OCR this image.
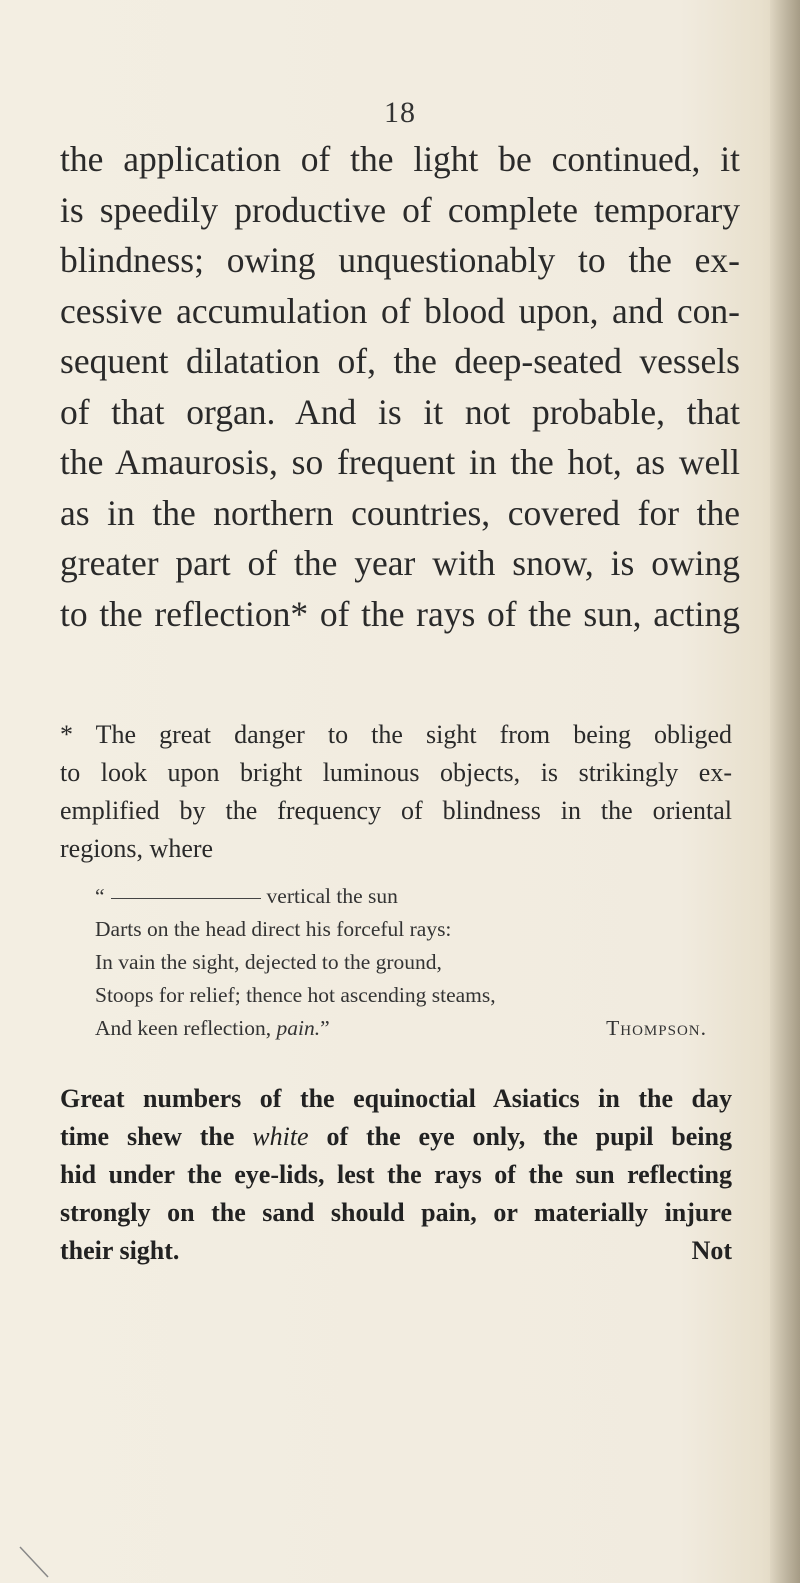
18
the application of the light be continued, it
is speedily productive of complete temporary
blindness; owing unquestionably to the ex-
cessive accumulation of blood upon, and con-
sequent dilatation of, the deep-seated vessels
of that organ. And is it not probable, that
the Amaurosis, so frequent in the hot, as well
as in the northern countries, covered for the
greater part of the year with snow, is owing
to the reflection* of the rays of the sun, acting
* The great danger to the sight from being obliged
to look upon bright luminous objects, is strikingly ex-
emplified by the frequency of blindness in the oriental
regions, where
“	vertical the sun
Darts on the head direct his forceful rays:
In vain the sight, dejected to the ground,
Stoops for relief; thence hot ascending steams,
And keen reflection, pain.”	Thompson.
Great numbers of the equinoctial Asiatics in the day
time shew the white of the eye only, the pupil being
hid under the eye-lids, lest the rays of the sun reflecting
strongly on the sand should pain, or materially injure
their sight.	Not
